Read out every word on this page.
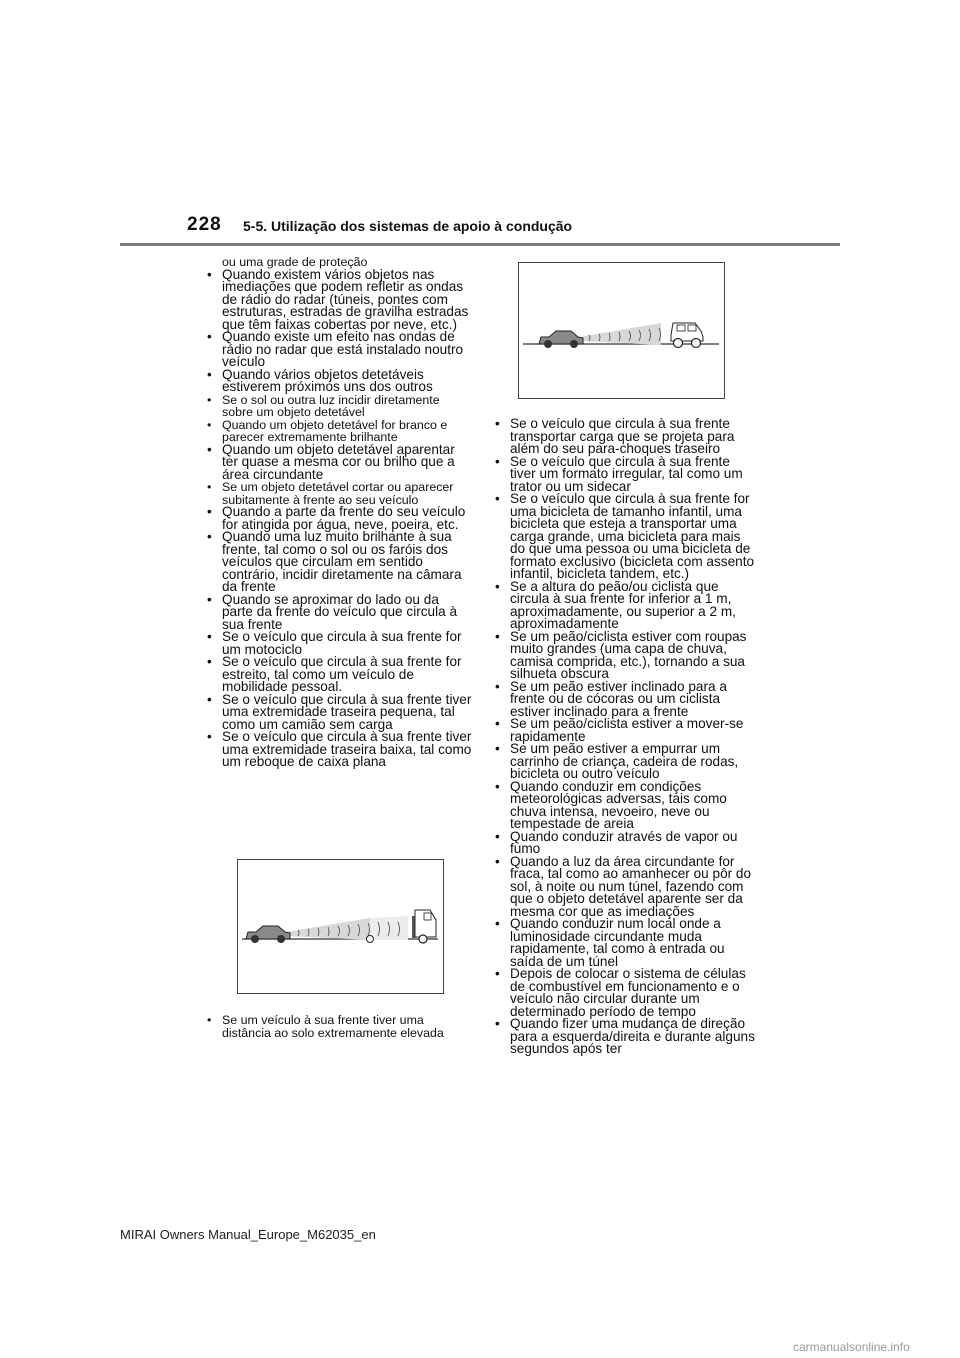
228 5-5. Utilização dos sistemas de apoio à condução
ou uma grade de proteção
• Quando existem vários objetos nas imediações que podem refletir as ondas de rádio do radar (túneis, pontes com estruturas, estradas de gravilha estradas que têm faixas cobertas por neve, etc.)
• Quando existe um efeito nas ondas de rádio no radar que está instalado noutro veículo
• Quando vários objetos detetáveis estiverem próximos uns dos outros
• Se o sol ou outra luz incidir diretamente sobre um objeto detetável
• Quando um objeto detetável for branco e parecer extremamente brilhante
• Quando um objeto detetável aparentar ter quase a mesma cor ou brilho que a área circundante
• Se um objeto detetável cortar ou aparecer subitamente à frente ao seu veículo
• Quando a parte da frente do seu veículo for atingida por água, neve, poeira, etc.
• Quando uma luz muito brilhante à sua frente, tal como o sol ou os faróis dos veículos que circulam em sentido contrário, incidir diretamente na câmara da frente
• Quando se aproximar do lado ou da parte da frente do veículo que circula à sua frente
• Se o veículo que circula à sua frente for um motociclo
• Se o veículo que circula à sua frente for estreito, tal como um veículo de mobilidade pessoal.
• Se o veículo que circula à sua frente tiver uma extremidade traseira pequena, tal como um camião sem carga
• Se o veículo que circula à sua frente tiver uma extremidade traseira baixa, tal como um reboque de caixa plana
• Se um veículo à sua frente tiver uma distância ao solo extremamente elevada
• Se o veículo que circula à sua frente transportar carga que se projeta para além do seu para-choques traseiro
• Se o veículo que circula à sua frente tiver um formato irregular, tal como um trator ou um sidecar
• Se o veículo que circula à sua frente for uma bicicleta de tamanho infantil, uma bicicleta que esteja a transportar uma carga grande, uma bicicleta para mais do que uma pessoa ou uma bicicleta de formato exclusivo (bicicleta com assento infantil, bicicleta tandem, etc.)
• Se a altura do peão/ou ciclista que circula à sua frente for inferior a 1 m, aproximadamente, ou superior a 2 m, aproximadamente
• Se um peão/ciclista estiver com roupas muito grandes (uma capa de chuva, camisa comprida, etc.), tornando a sua silhueta obscura
• Se um peão estiver inclinado para a frente ou de cócoras ou um ciclista estiver inclinado para a frente
• Se um peão/ciclista estiver a mover-se rapidamente
• Se um peão estiver a empurrar um carrinho de criança, cadeira de rodas, bicicleta ou outro veículo
• Quando conduzir em condições meteorológicas adversas, tais como chuva intensa, nevoeiro, neve ou tempestade de areia
• Quando conduzir através de vapor ou fumo
• Quando a luz da área circundante for fraca, tal como ao amanhecer ou pôr do sol, à noite ou num túnel, fazendo com que o objeto detetável aparente ser da mesma cor que as imediações
• Quando conduzir num local onde a luminosidade circundante muda rapidamente, tal como à entrada ou saída de um túnel
• Depois de colocar o sistema de células de combustível em funcionamento e o veículo não circular durante um determinado período de tempo
• Quando fizer uma mudança de direção para a esquerda/direita e durante alguns segundos após ter
MIRAI Owners Manual_Europe_M62035_en
carmanualsonline.info
